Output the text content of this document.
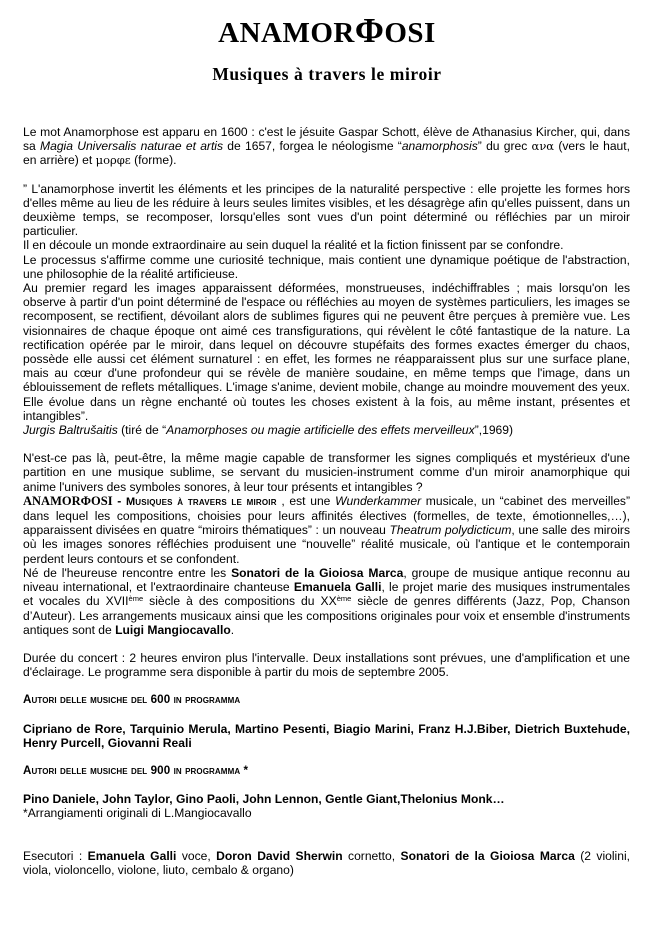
ANAMORΦOSI
Musiques à travers le miroir

Le mot Anamorphose est apparu en 1600 : c'est le jésuite Gaspar Schott, élève de Athanasius Kircher, qui, dans sa Magia Universalis naturae et artis de 1657, forgea le néologisme “anamorphosis” du grec ανα (vers le haut, en arrière) et μορφε (forme).

” L'anamorphose invertit les éléments et les principes de la naturalité perspective : elle projette les formes hors d'elles même au lieu de les réduire à leurs seules limites visibles, et les désagrège afin qu'elles puissent, dans un deuxième temps, se recomposer, lorsqu'elles sont vues d'un point déterminé ou réfléchies par un miroir particulier.

Il en découle un monde extraordinaire au sein duquel la réalité et la fiction finissent par se confondre.

Le processus s'affirme comme une curiosité technique, mais contient une dynamique poétique de l'abstraction, une philosophie de la réalité artificieuse.

Au premier regard les images apparaissent déformées, monstrueuses, indéchiffrables ; mais lorsqu'on les observe à partir d'un point déterminé de l'espace ou réfléchies au moyen de systèmes particuliers, les images se recomposent, se rectifient, dévoilant alors de sublimes figures qui ne peuvent être perçues à première vue. Les visionnaires de chaque époque ont aimé ces transfigurations, qui révèlent le côté fantastique de la nature. La rectification opérée par le miroir, dans lequel on découvre stupéfaits des formes exactes émerger du chaos, possède elle aussi cet élément surnaturel : en effet, les formes ne réapparaissent plus sur une surface plane, mais au cœur d'une profondeur qui se révèle de manière soudaine, en même temps que l'image, dans un éblouissement de reflets métalliques. L'image s'anime, devient mobile, change au moindre mouvement des yeux. Elle évolue dans un règne enchanté où toutes les choses existent à la fois, au même instant, présentes et intangibles”.

Jurgis Baltrušaitis (tiré de “Anamorphoses ou magie artificielle des effets merveilleux”,1969)

N'est-ce pas là, peut-être, la même magie capable de transformer les signes compliqués et mystérieux d'une partition en une musique sublime, se servant du musicien-instrument comme d'un miroir anamorphique qui anime l'univers des symboles sonores, à leur tour présents et intangibles ?

ANAMORΦOSI - Musiques à travers le miroir , est une Wunderkammer musicale, un “cabinet des merveilles” dans lequel les compositions, choisies pour leurs affinités électives (formelles, de texte, émotionnelles,…), apparaissent divisées en quatre “miroirs thématiques” : un nouveau Theatrum polydicticum, une salle des miroirs où les images sonores réfléchies produisent une “nouvelle” réalité musicale, où l'antique et le contemporain perdent leurs contours et se confondent.

Né de l'heureuse rencontre entre les Sonatori de la Gioiosa Marca, groupe de musique antique reconnu au niveau international, et l'extraordinaire chanteuse Emanuela Galli, le projet marie des musiques instrumentales et vocales du XVIIème siècle à des compositions du XXème siècle de genres différents (Jazz, Pop, Chanson d’Auteur). Les arrangements musicaux ainsi que les compositions originales pour voix et ensemble d'instruments antiques sont de Luigi Mangiocavallo.

Durée du concert : 2 heures environ plus l'intervalle. Deux installations sont prévues, une d'amplification et une d'éclairage. Le programme sera disponible à partir du mois de septembre 2005.

Autori delle musiche del 600 in programma

Cipriano de Rore, Tarquinio Merula, Martino Pesenti, Biagio Marini, Franz H.J.Biber, Dietrich Buxtehude, Henry Purcell, Giovanni Reali

Autori delle musiche del 900 in programma *

Pino Daniele, John Taylor, Gino Paoli, John Lennon, Gentle Giant,Thelonius Monk…

*Arrangiamenti originali di L.Mangiocavallo

Esecutori : Emanuela Galli voce, Doron David Sherwin cornetto, Sonatori de la Gioiosa Marca (2 violini, viola, violoncello, violone, liuto, cembalo & organo)
